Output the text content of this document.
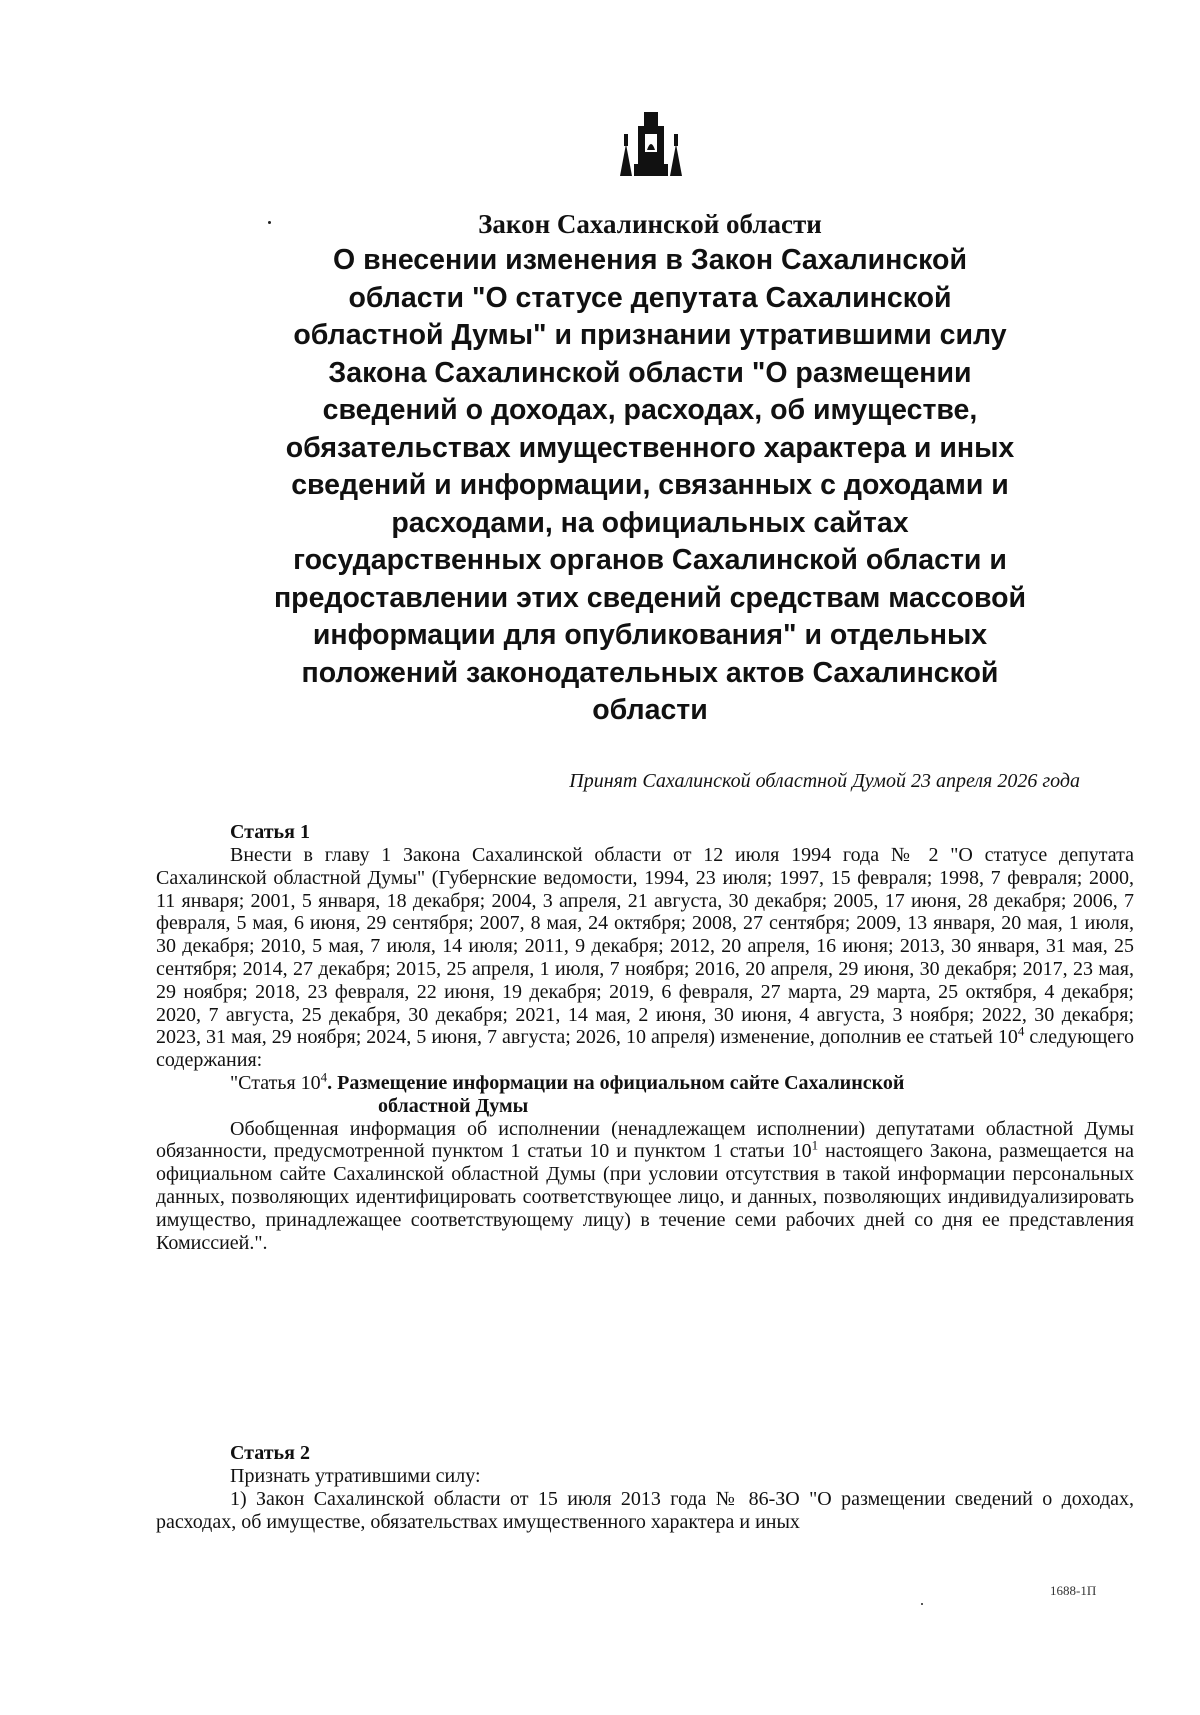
Закон Сахалинской области
О внесении изменения в Закон Сахалинской
области "О статусе депутата Сахалинской
областной Думы" и признании утратившими силу
Закона Сахалинской области "О размещении
сведений о доходах, расходах, об имуществе,
обязательствах имущественного характера и иных
сведений и информации, связанных с доходами и
расходами, на официальных сайтах
государственных органов Сахалинской области и
предоставлении этих сведений средствам массовой
информации для опубликования" и отдельных
положений законодательных актов Сахалинской
области
Принят Сахалинской областной Думой 23 апреля 2026 года
Статья 1

Внести в главу 1 Закона Сахалинской области от 12 июля 1994 года № 2 "О статусе депутата Сахалинской областной Думы" (Губернские ведомости, 1994, 23 июля; 1997, 15 февраля; 1998, 7 февраля; 2000, 11 января; 2001, 5 января, 18 декабря; 2004, 3 апреля, 21 августа, 30 декабря; 2005, 17 июня, 28 декабря; 2006, 7 февраля, 5 мая, 6 июня, 29 сентября; 2007, 8 мая, 24 октября; 2008, 27 сентября; 2009, 13 января, 20 мая, 1 июля, 30 декабря; 2010, 5 мая, 7 июля, 14 июля; 2011, 9 декабря; 2012, 20 апреля, 16 июня; 2013, 30 января, 31 мая, 25 сентября; 2014, 27 декабря; 2015, 25 апреля, 1 июля, 7 ноября; 2016, 20 апреля, 29 июня, 30 декабря; 2017, 23 мая, 29 ноября; 2018, 23 февраля, 22 июня, 19 декабря; 2019, 6 февраля, 27 марта, 29 марта, 25 октября, 4 декабря; 2020, 7 августа, 25 декабря, 30 декабря; 2021, 14 мая, 2 июня, 30 июня, 4 августа, 3 ноября; 2022, 30 декабря; 2023, 31 мая, 29 ноября; 2024, 5 июня, 7 августа; 2026, 10 апреля) изменение, дополнив ее статьей $10^4$ следующего содержания:

"Статья $10^4$. Размещение информации на официальном сайте Сахалинской
областной Думы

Обобщенная информация об исполнении (ненадлежащем исполнении) депутатами областной Думы обязанности, предусмотренной пунктом 1 статьи 10 и пунктом 1 статьи $10^1$ настоящего Закона, размещается на официальном сайте Сахалинской областной Думы (при условии отсутствия в такой информации персональных данных, позволяющих идентифицировать соответствующее лицо, и данных, позволяющих индивидуализировать имущество, принадлежащее соответствующему лицу) в течение семи рабочих дней со дня ее представления Комиссией.".

Статья 2

Признать утратившими силу:

1) Закон Сахалинской области от 15 июля 2013 года № 86-ЗО "О размещении сведений о доходах, расходах, об имуществе, обязательствах имущественного характера и иных

1688-1П
